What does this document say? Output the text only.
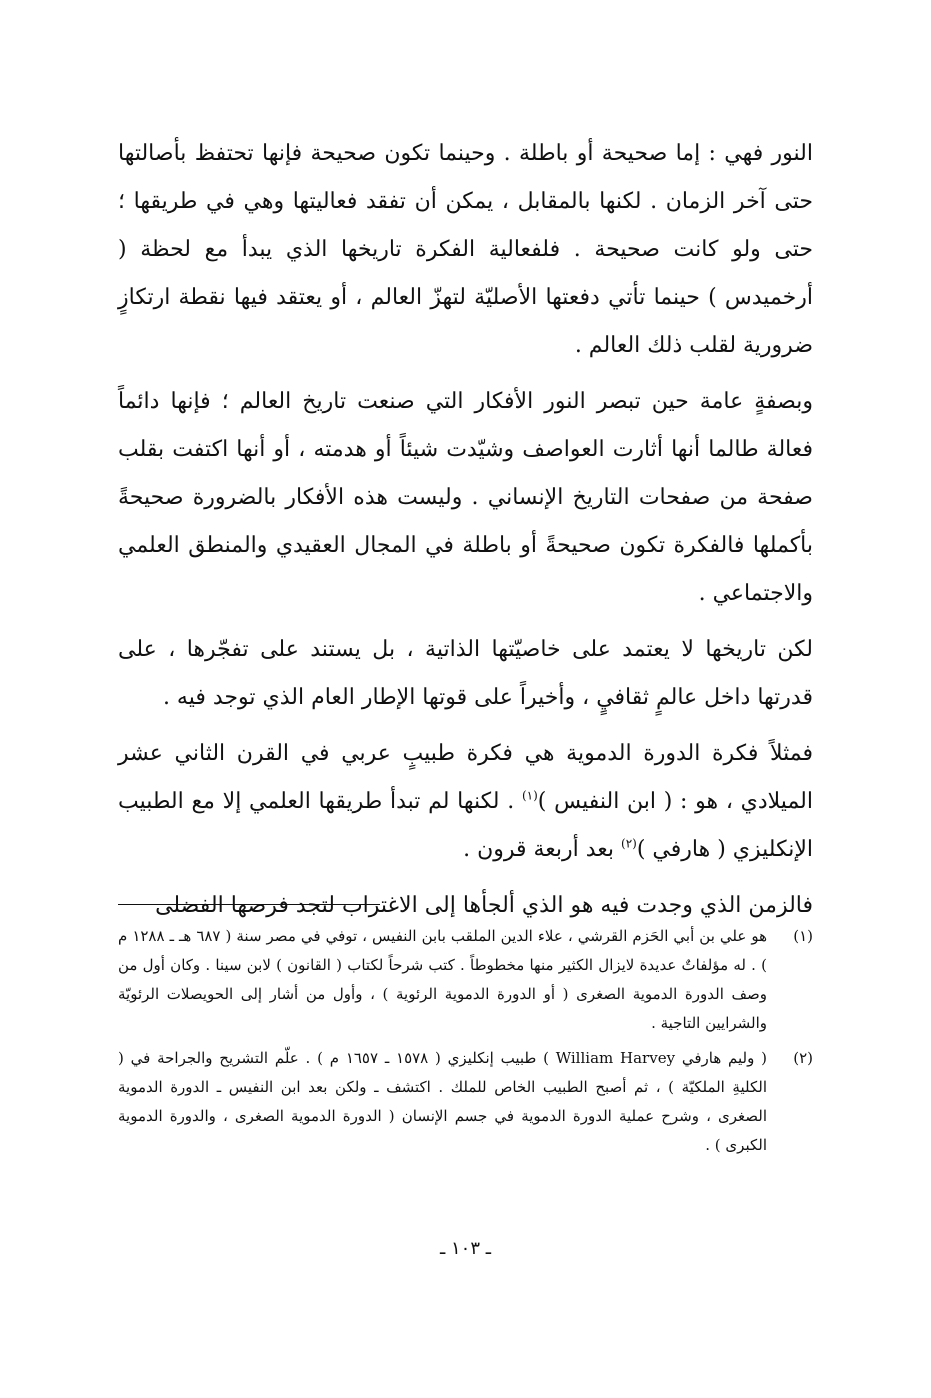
النور فهي : إما صحيحة أو باطلة . وحينما تكون صحيحة فإنها تحتفظ بأصالتها حتى آخر الزمان . لكنها بالمقابل ، يمكن أن تفقد فعاليتها وهي في طريقها ؛ حتى ولو كانت صحيحة . فلفعالية الفكرة تاريخها الذي يبدأ مع لحظة ( أرخميدس ) حينما تأتي دفعتها الأصليّة لتهزّ العالم ، أو يعتقد فيها نقطة ارتكازٍ ضرورية لقلب ذلك العالم .

وبصفةٍ عامة حين تبصر النور الأفكار التي صنعت تاريخ العالم ؛ فإنها دائماً فعالة طالما أنها أثارت العواصف وشيّدت شيئاً أو هدمته ، أو أنها اكتفت بقلب صفحة من صفحات التاريخ الإنساني . وليست هذه الأفكار بالضرورة صحيحةً بأكملها فالفكرة تكون صحيحةً أو باطلة في المجال العقيدي والمنطق العلمي والاجتماعي .

لكن تاريخها لا يعتمد على خاصيّتها الذاتية ، بل يستند على تفجّرها ، على قدرتها داخل عالمٍ ثقافيٍ ، وأخيراً على قوتها الإطار العام الذي توجد فيه .

فمثلاً فكرة الدورة الدموية هي فكرة طبيبٍ عربي في القرن الثاني عشر الميلادي ، هو : ( ابن النفيس )$^{(١)}$ . لكنها لم تبدأ طريقها العلمي إلا مع الطبيب الإنكليزي ( هارفي )$^{(٢)}$ بعد أربعة قرون .

فالزمن الذي وجدت فيه هو الذي ألجأها إلى الاغتراب لتجد فرصها الفضلى

(١)
هو علي بن أبي الحَزم القرشي ، علاء الدين الملقب بابن النفيس ، توفي في مصر سنة ( ٦٨٧ هـ ـ ١٢٨٨ م ) . له مؤلفاتٌ عديدة لايزال الكثير منها مخطوطاً . كتب شرحاً لكتاب ( القانون ) لابن سينا . وكان أول من وصف الدورة الدموية الصغرى ( أو الدورة الدموية الرئوية ) ، وأول من أشار إلى الحويصلات الرئويّة والشرايين التاجية .
(٢)
( وليم هارفي William Harvey ) طبيب إنكليزي ( ١٥٧٨ ـ ١٦٥٧ م ) . علّم التشريح والجراحة في ( الكليةِ الملكيّة ) ، ثم أصبح الطبيب الخاص للملك . اكتشف ـ ولكن بعد ابن النفيس ـ الدورة الدموية الصغرى ، وشرح عملية الدورة الدموية في جسم الإنسان ( الدورة الدموية الصغرى ، والدورة الدموية الكبرى ) .
ـ ١٠٣ ـ
